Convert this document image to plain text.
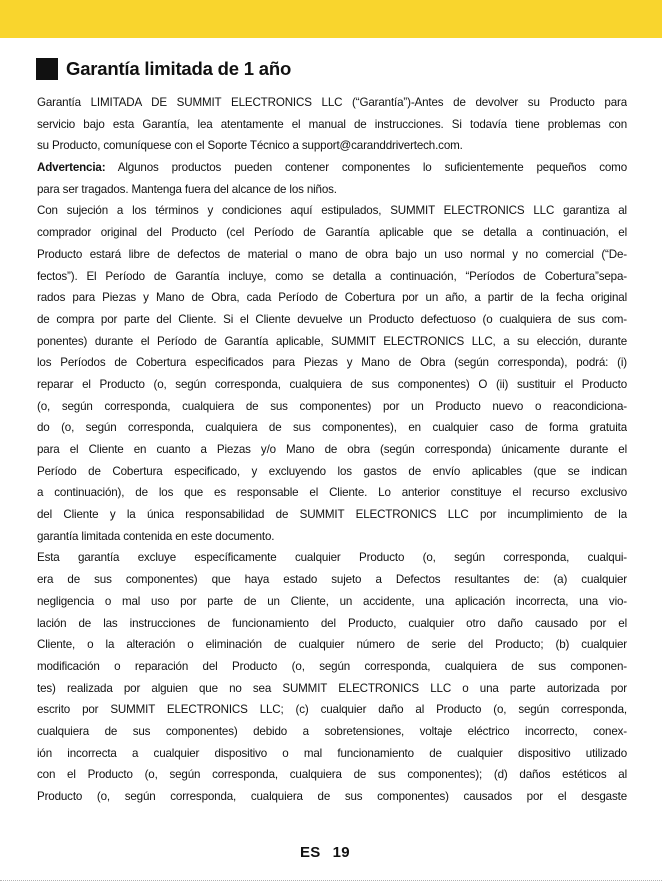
Garantía limitada de 1 año
Garantía LIMITADA DE SUMMIT ELECTRONICS LLC (“Garantía”)-Antes de devolver su Producto para
servicio bajo esta Garantía, lea atentamente el manual de instrucciones. Si todavía tiene problemas con
su Producto, comuníquese con el Soporte Técnico a support@caranddrivertech.com.
Advertencia: Algunos productos pueden contener componentes lo suficientemente pequeños como
para ser tragados. Mantenga fuera del alcance de los niños.
Con sujeción a los términos y condiciones aquí estipulados, SUMMIT ELECTRONICS LLC garantiza al
comprador original del Producto (cel Período de Garantía aplicable que se detalla a continuación, el
Producto estará libre de defectos de material o mano de obra bajo un uso normal y no comercial (“De-
fectos”). El Período de Garantía incluye, como se detalla a continuación, “Períodos de Cobertura”sepa-
rados para Piezas y Mano de Obra, cada Período de Cobertura por un año, a partir de la fecha original
de compra por parte del Cliente. Si el Cliente devuelve un Producto defectuoso (o cualquiera de sus com-
ponentes) durante el Período de Garantía aplicable, SUMMIT ELECTRONICS LLC, a su elección, durante
los Períodos de Cobertura especificados para Piezas y Mano de Obra (según corresponda), podrá: (i)
reparar el Producto (o, según corresponda, cualquiera de sus componentes) O (ii) sustituir el Producto
(o, según corresponda, cualquiera de sus componentes) por un Producto nuevo o reacondiciona-
do (o, según corresponda, cualquiera de sus componentes), en cualquier caso de forma gratuita
para el Cliente en cuanto a Piezas y/o Mano de obra (según corresponda) únicamente durante el
Período de Cobertura especificado, y excluyendo los gastos de envío aplicables (que se indican
a continuación), de los que es responsable el Cliente. Lo anterior constituye el recurso exclusivo
del Cliente y la única responsabilidad de SUMMIT ELECTRONICS LLC por incumplimiento de la
garantía limitada contenida en este documento.
Esta garantía excluye específicamente cualquier Producto (o, según corresponda, cualqui-
era de sus componentes) que haya estado sujeto a Defectos resultantes de: (a) cualquier
negligencia o mal uso por parte de un Cliente, un accidente, una aplicación incorrecta, una vio-
lación de las instrucciones de funcionamiento del Producto, cualquier otro daño causado por el
Cliente, o la alteración o eliminación de cualquier número de serie del Producto; (b) cualquier
modificación o reparación del Producto (o, según corresponda, cualquiera de sus componen-
tes) realizada por alguien que no sea SUMMIT ELECTRONICS LLC o una parte autorizada por
escrito por SUMMIT ELECTRONICS LLC; (c) cualquier daño al Producto (o, según corresponda,
cualquiera de sus componentes) debido a sobretensiones, voltaje eléctrico incorrecto, conex-
ión incorrecta a cualquier dispositivo o mal funcionamiento de cualquier dispositivo utilizado
con el Producto (o, según corresponda, cualquiera de sus componentes); (d) daños estéticos al
Producto (o, según corresponda, cualquiera de sus componentes) causados por el desgaste
ES 19
